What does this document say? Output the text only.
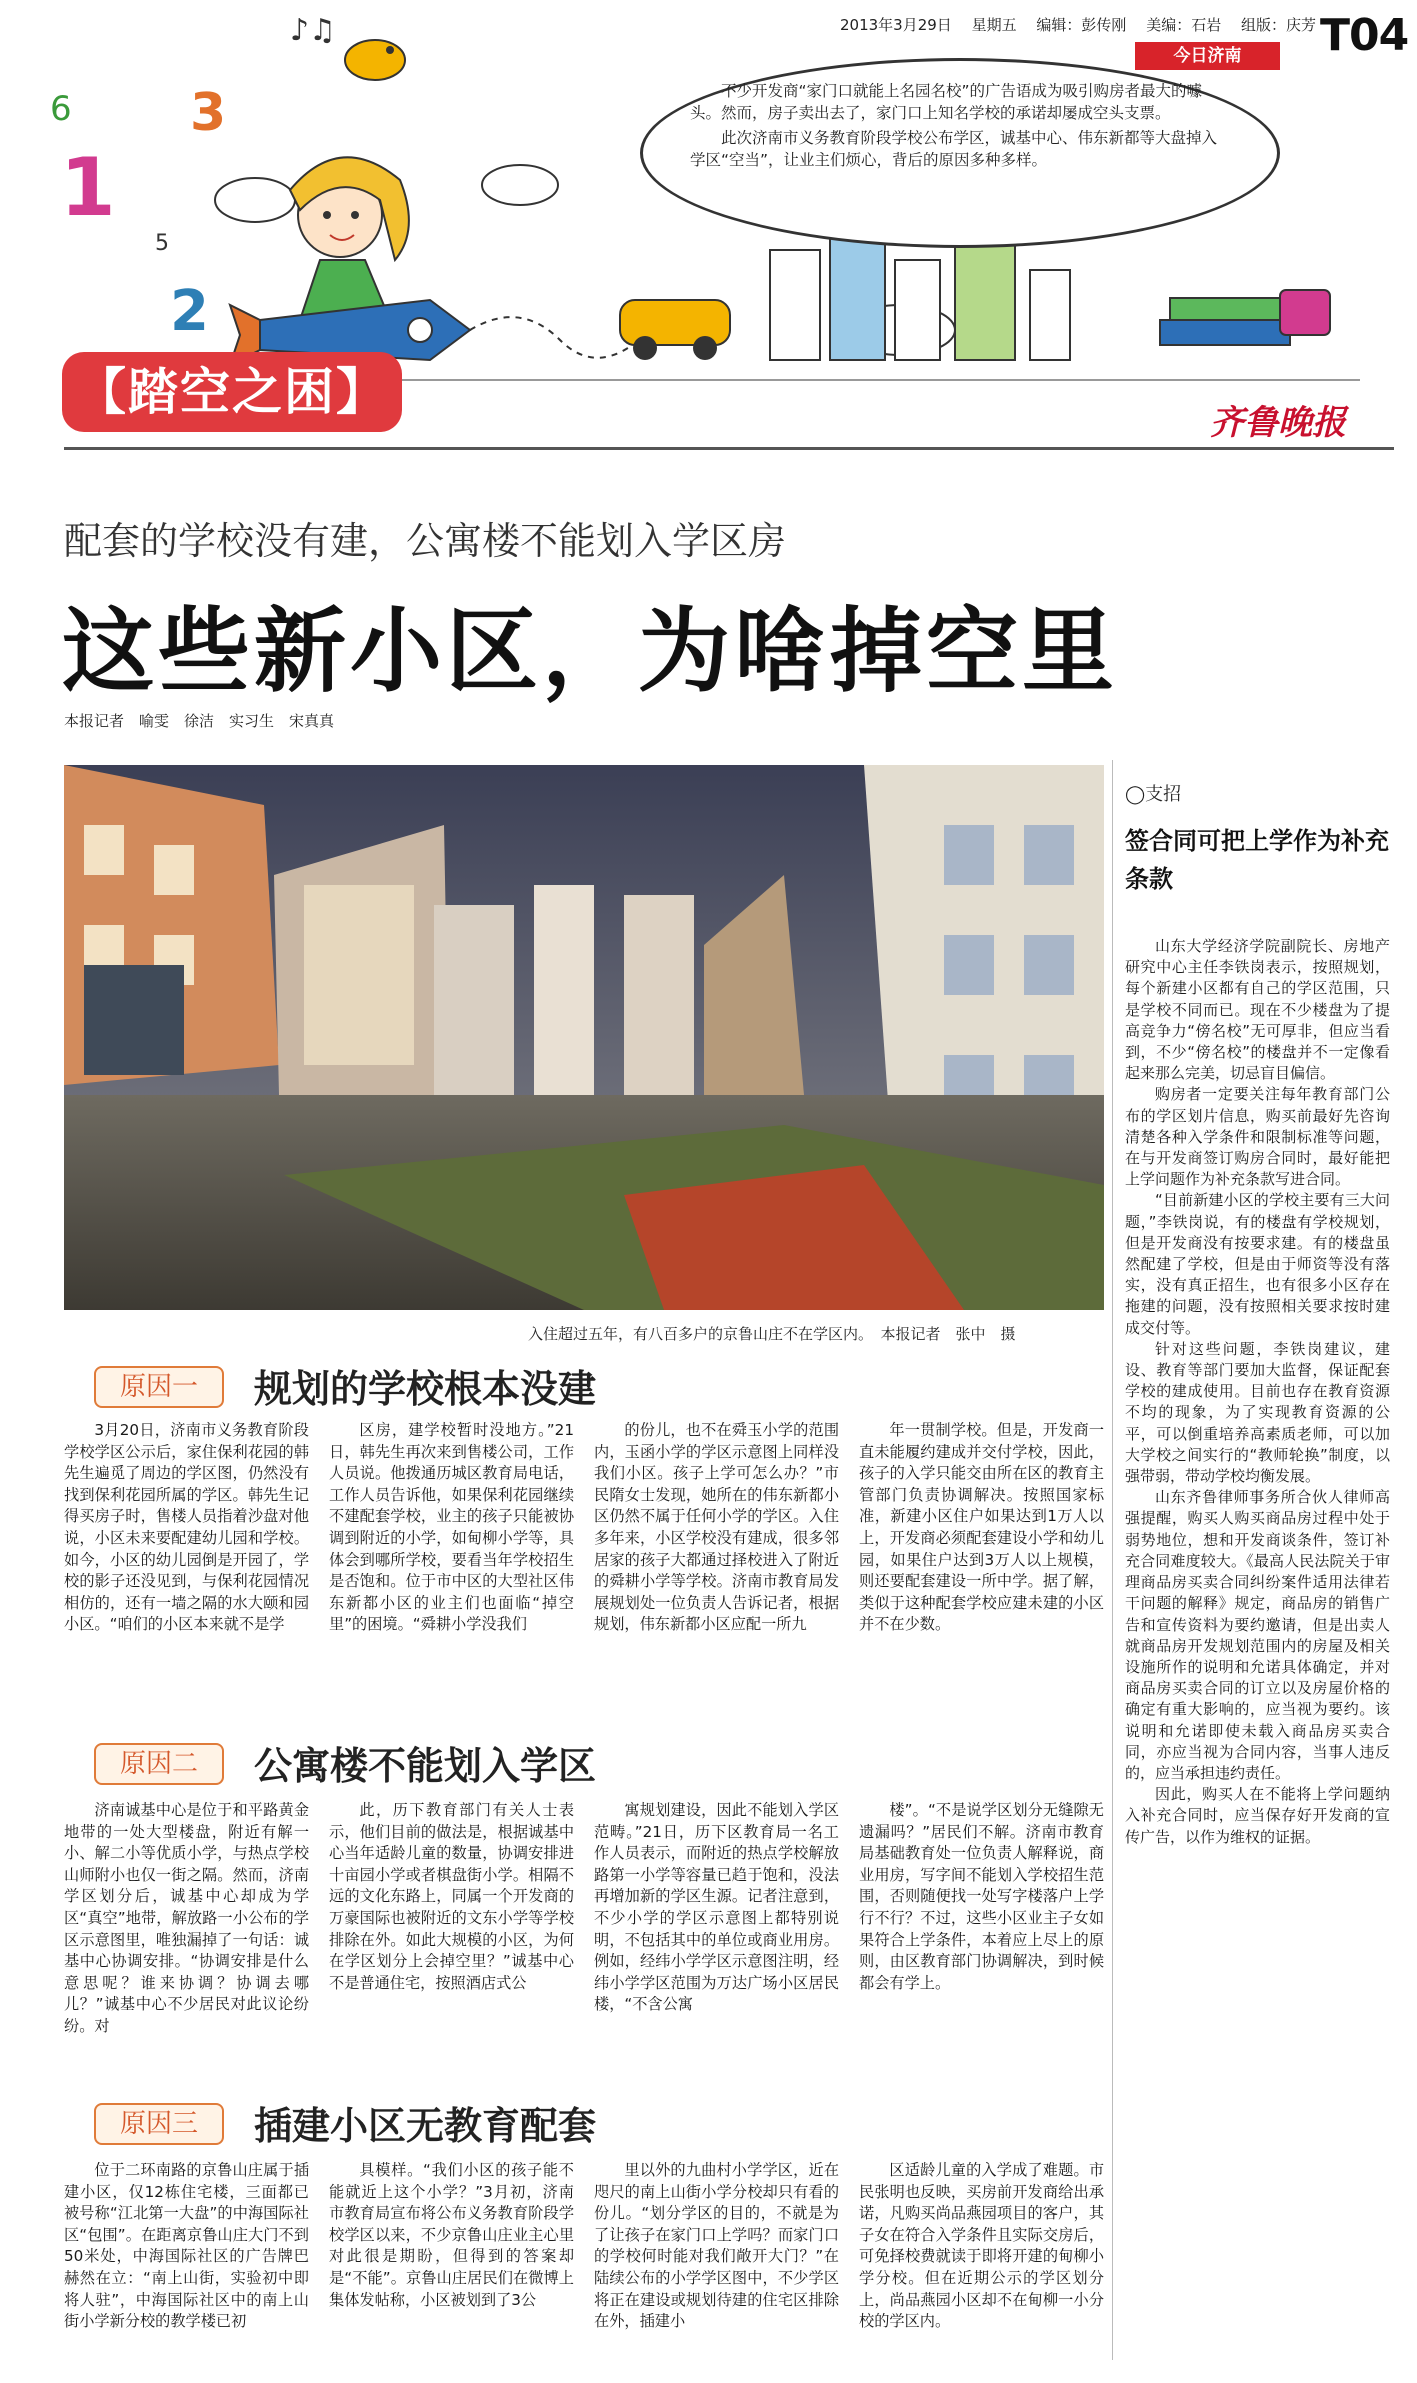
2013年3月29日　 星期五　 编辑：彭传刚　 美编：石岩　 组版：庆芳 T04
今日济南
6 3
1
5
2
♪♫

不少开发商“家门口就能上名园名校”的广告语成为吸引购房者最大的噱头。然而，房子卖出去了，家门口上知名学校的承诺却屡成空头支票。

此次济南市义务教育阶段学校公布学区，诚基中心、伟东新都等大盘掉入学区“空当”，让业主们烦心，背后的原因多种多样。

【踏空之困】
齐鲁晚报
配套的学校没有建，公寓楼不能划入学区房
这些新小区，为啥掉空里
本报记者　喻雯　徐洁　实习生　宋真真
入住超过五年，有八百多户的京鲁山庄不在学区内。　本报记者　张中　摄
原因一	规划的学校根本没建

3月20日，济南市义务教育阶段学校学区公示后，家住保利花园的韩先生遍觅了周边的学区图，仍然没有找到保利花园所属的学区。韩先生记得买房子时，售楼人员指着沙盘对他说，小区未来要配建幼儿园和学校。如今，小区的幼儿园倒是开园了，学校的影子还没见到，与保利花园情况相仿的，还有一墙之隔的水大颐和园小区。“咱们的小区本来就不是学

区房，建学校暂时没地方。”21日，韩先生再次来到售楼公司，工作人员说。他拨通历城区教育局电话，工作人员告诉他，如果保利花园继续不建配套学校，业主的孩子只能被协调到附近的小学，如甸柳小学等，具体会到哪所学校，要看当年学校招生是否饱和。位于市中区的大型社区伟东新都小区的业主们也面临“掉空里”的困境。“舜耕小学没我们

的份儿，也不在舜玉小学的范围内，玉函小学的学区示意图上同样没我们小区。孩子上学可怎么办？”市民隋女士发现，她所在的伟东新都小区仍然不属于任何小学的学区。入住多年来，小区学校没有建成，很多邻居家的孩子大都通过择校进入了附近的舜耕小学等学校。济南市教育局发展规划处一位负责人告诉记者，根据规划，伟东新都小区应配一所九

年一贯制学校。但是，开发商一直未能履约建成并交付学校，因此，孩子的入学只能交由所在区的教育主管部门负责协调解决。按照国家标准，新建小区住户如果达到1万人以上，开发商必须配套建设小学和幼儿园，如果住户达到3万人以上规模，则还要配套建设一所中学。据了解，类似于这种配套学校应建未建的小区并不在少数。

原因二	公寓楼不能划入学区

济南诚基中心是位于和平路黄金地带的一处大型楼盘，附近有解一小、解二小等优质小学，与热点学校山师附小也仅一街之隔。然而，济南学区划分后，诚基中心却成为学区“真空”地带，解放路一小公布的学区示意图里，唯独漏掉了一句话：诚基中心协调安排。“协调安排是什么意思呢？谁来协调？协调去哪儿？”诚基中心不少居民对此议论纷纷。对

此，历下教育部门有关人士表示，他们目前的做法是，根据诚基中心当年适龄儿童的数量，协调安排进十亩园小学或者棋盘街小学。相隔不远的文化东路上，同属一个开发商的万豪国际也被附近的文东小学等学校排除在外。如此大规模的小区，为何在学区划分上会掉空里？”诚基中心不是普通住宅，按照酒店式公

寓规划建设，因此不能划入学区范畴。”21日，历下区教育局一名工作人员表示，而附近的热点学校解放路第一小学等容量已趋于饱和，没法再增加新的学区生源。记者注意到，不少小学的学区示意图上都特别说明，不包括其中的单位或商业用房。例如，经纬小学学区示意图注明，经纬小学学区范围为万达广场小区居民楼，“不含公寓

楼”。“不是说学区划分无缝隙无遗漏吗？”居民们不解。济南市教育局基础教育处一位负责人解释说，商业用房，写字间不能划入学校招生范围，否则随便找一处写字楼落户上学行不行？不过，这些小区业主子女如果符合上学条件，本着应上尽上的原则，由区教育部门协调解决，到时候都会有学上。

原因三	插建小区无教育配套

位于二环南路的京鲁山庄属于插建小区，仅12栋住宅楼，三面都已被号称“江北第一大盘”的中海国际社区“包围”。在距离京鲁山庄大门不到50米处，中海国际社区的广告牌巴赫然在立：“南上山街，实验初中即将人驻”，中海国际社区中的南上山街小学新分校的教学楼已初

具模样。“我们小区的孩子能不能就近上这个小学？”3月初，济南市教育局宣布将公布义务教育阶段学校学区以来，不少京鲁山庄业主心里对此很是期盼，但得到的答案却是“不能”。京鲁山庄居民们在微博上集体发帖称，小区被划到了3公

里以外的九曲村小学学区，近在咫尺的南上山街小学分校却只有看的份儿。“划分学区的目的，不就是为了让孩子在家门口上学吗？而家门口的学校何时能对我们敞开大门？”在陆续公布的小学学区图中，不少学区将正在建设或规划待建的住宅区排除在外，插建小

区适龄儿童的入学成了难题。市民张明也反映，买房前开发商给出承诺，凡购买尚品燕园项目的客户，其子女在符合入学条件且实际交房后，可免择校费就读于即将开建的甸柳小学分校。但在近期公示的学区划分上，尚品燕园小区却不在甸柳一小分校的学区内。

◯支招
签合同可把上学作为补充条款

山东大学经济学院副院长、房地产研究中心主任李铁岗表示，按照规划，每个新建小区都有自己的学区范围，只是学校不同而已。现在不少楼盘为了提高竞争力“傍名校”无可厚非，但应当看到，不少“傍名校”的楼盘并不一定像看起来那么完美，切忌盲目偏信。

购房者一定要关注每年教育部门公布的学区划片信息，购买前最好先咨询清楚各种入学条件和限制标准等问题，在与开发商签订购房合同时，最好能把上学问题作为补充条款写进合同。

“目前新建小区的学校主要有三大问题，”李铁岗说，有的楼盘有学校规划，但是开发商没有按要求建。有的楼盘虽然配建了学校，但是由于师资等没有落实，没有真正招生，也有很多小区存在拖建的问题，没有按照相关要求按时建成交付等。

针对这些问题，李铁岗建议，建设、教育等部门要加大监督，保证配套学校的建成使用。目前也存在教育资源不均的现象，为了实现教育资源的公平，可以倒重培养高素质老师，可以加大学校之间实行的“教师轮换”制度，以强带弱，带动学校均衡发展。

山东齐鲁律师事务所合伙人律师高强提醒，购买人购买商品房过程中处于弱势地位，想和开发商谈条件，签订补充合同难度较大。《最高人民法院关于审理商品房买卖合同纠纷案件适用法律若干问题的解释》规定，商品房的销售广告和宣传资料为要约邀请，但是出卖人就商品房开发规划范围内的房屋及相关设施所作的说明和允诺具体确定，并对商品房买卖合同的订立以及房屋价格的确定有重大影响的，应当视为要约。该说明和允诺即使未载入商品房买卖合同，亦应当视为合同内容，当事人违反的，应当承担违约责任。

因此，购买人在不能将上学问题纳入补充合同时，应当保存好开发商的宣传广告，以作为维权的证据。
